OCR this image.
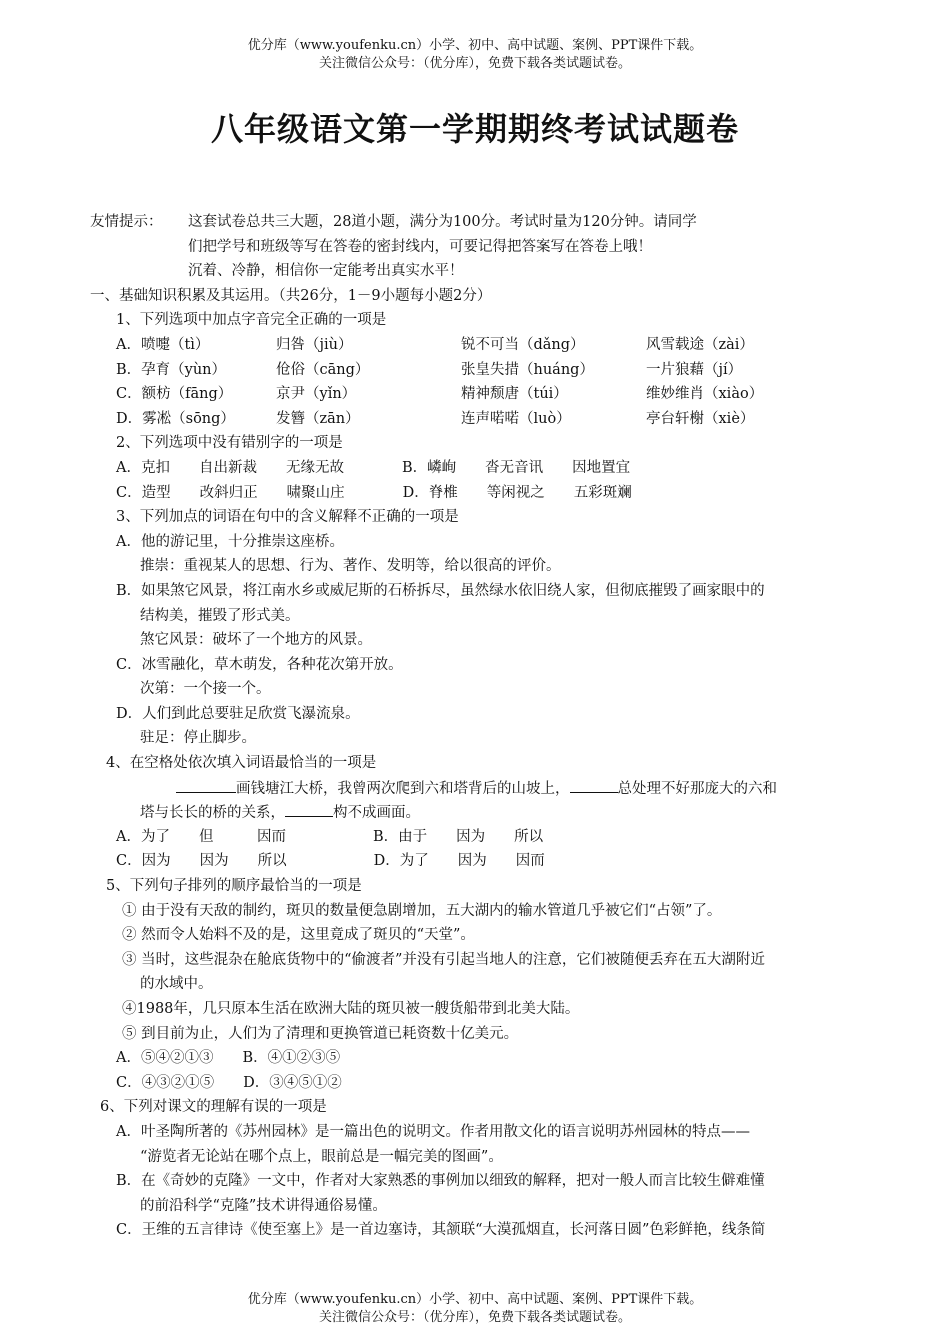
优分库（www.youfenku.cn）小学、初中、高中试题、案例、PPT课件下载。
关注微信公众号：（优分库），免费下载各类试题试卷。
八年级语文第一学期期终考试试题卷
友情提示： 这套试卷总共三大题，28道小题，满分为100分。考试时量为120分钟。请同学
们把学号和班级等写在答卷的密封线内，可要记得把答案写在答卷上哦！
沉着、冷静，相信你一定能考出真实水平！
一、基础知识积累及其运用。（共26分，1－9小题每小题2分）
1、下列选项中加点字音完全正确的一项是
A．喷嚏（tì）	归咎（jiù）	锐不可当（dǎng）	风雪载途（zài）
B．孕育（yùn）	伧俗（cāng）	张皇失措（huáng）	一片狼藉（jí）
C．额枋（fāng）	京尹（yǐn）	精神颓唐（túi）	维妙维肖（xiào）
D．雾凇（sōng）	发簪（zān）	连声喏喏（luò）	亭台轩榭（xiè）
2、下列选项中没有错别字的一项是
A．克扣　　自出新裁　　无缘无故　　　　B．嶙峋　　沓无音讯　　因地置宜
C．造型　　改斜归正　　啸聚山庄　　　　D．脊椎　　等闲视之　　五彩斑斓
3、下列加点的词语在句中的含义解释不正确的一项是
A．他的游记里，十分推崇这座桥。
推崇：重视某人的思想、行为、著作、发明等，给以很高的评价。
B．如果煞它风景，将江南水乡或威尼斯的石桥拆尽，虽然绿水依旧绕人家，但彻底摧毁了画家眼中的
结构美，摧毁了形式美。
煞它风景：破坏了一个地方的风景。
C．冰雪融化，草木萌发，各种花次第开放。
次第：一个接一个。
D．人们到此总要驻足欣赏飞瀑流泉。
驻足：停止脚步。
4、在空格处依次填入词语最恰当的一项是
画钱塘江大桥，我曾两次爬到六和塔背后的山坡上，	总处理不好那庞大的六和
塔与长长的桥的关系，	构不成画面。
A．为了　　但　　　因而　　　　　　B．由于　　因为　　所以
C．因为　　因为　　所以　　　　　　D．为了　　因为　　因而
5、下列句子排列的顺序最恰当的一项是
① 由于没有天敌的制约，斑贝的数量便急剧增加，五大湖内的输水管道几乎被它们“占领”了。
② 然而令人始料不及的是，这里竟成了斑贝的“天堂”。
③ 当时，这些混杂在舱底货物中的“偷渡者”并没有引起当地人的注意，它们被随便丢弃在五大湖附近
的水域中。
④1988年，几只原本生活在欧洲大陆的斑贝被一艘货船带到北美大陆。
⑤ 到目前为止，人们为了清理和更换管道已耗资数十亿美元。
A．⑤④②①③　　B．④①②③⑤
C．④③②①⑤　　D．③④⑤①②
6、下列对课文的理解有误的一项是
A．叶圣陶所著的《苏州园林》是一篇出色的说明文。作者用散文化的语言说明苏州园林的特点——
“游览者无论站在哪个点上，眼前总是一幅完美的图画”。
B．在《奇妙的克隆》一文中，作者对大家熟悉的事例加以细致的解释，把对一般人而言比较生僻难懂
的前沿科学“克隆”技术讲得通俗易懂。
C．王维的五言律诗《使至塞上》是一首边塞诗，其颔联“大漠孤烟直，长河落日圆”色彩鲜艳，线条简
优分库（www.youfenku.cn）小学、初中、高中试题、案例、PPT课件下载。
关注微信公众号：（优分库），免费下载各类试题试卷。
